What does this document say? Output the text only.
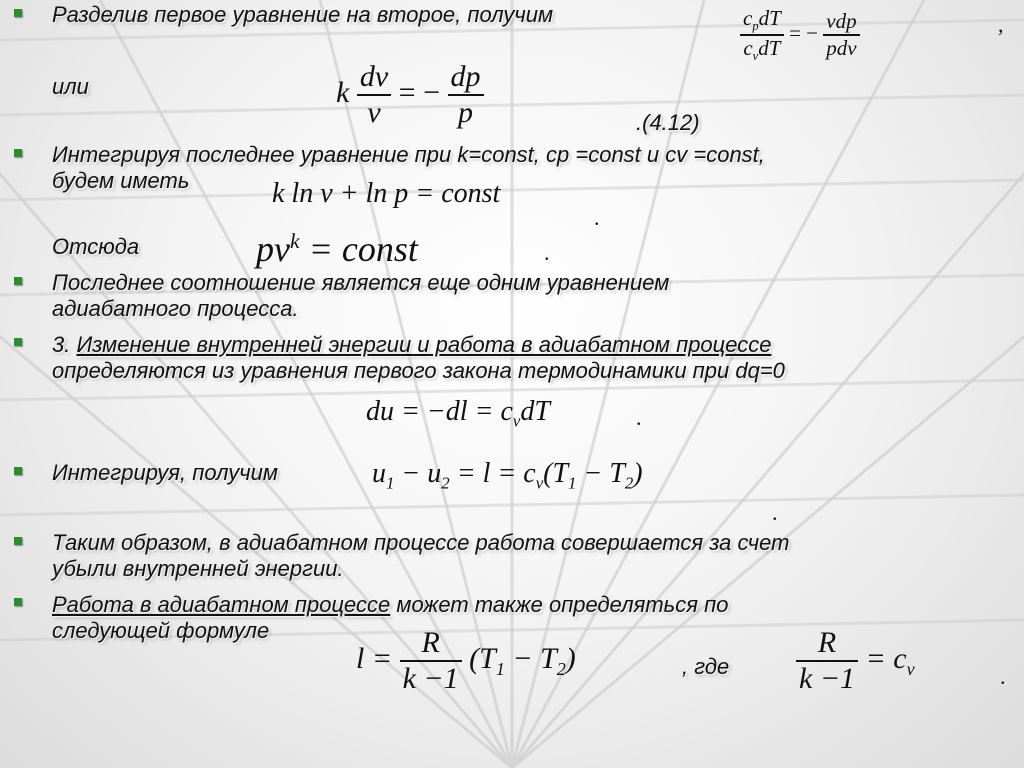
Разделив первое уравнение на второе, получим	$\frac{c_pdT}{c_vdT}$ = − $\frac{\text{vdp}}{\text{pdv}}$	,
или	k $\frac{dv}{v}$ = − $\frac{dp}{p}$	.(4.12)
Интегрируя последнее уравнение при k=const, cp =const и cv =const,
будем иметь	k ln v + ln p = const
.
Отсюда	$pv^k$ = const	.
Последнее соотношение является еще одним уравнением
адиабатного процесса.
3. Изменение внутренней энергии и работа в адиабатном процессе
определяются из уравнения первого закона термодинамики при dq=0
du = $-dl = c_vdT$	.
Интегрируя, получим	$u_1 - u_2 = l = c_v(T_1 - T_2)$
.
Таким образом, в адиабатном процессе работа совершается за счет
убыли внутренней энергии.
Работа в адиабатном процессе может также определяться по
следующей формуле
$l = \frac{R}{k -1} (T_1 - T_2)$	, где $\frac{R}{k -1} = c_v$	.
